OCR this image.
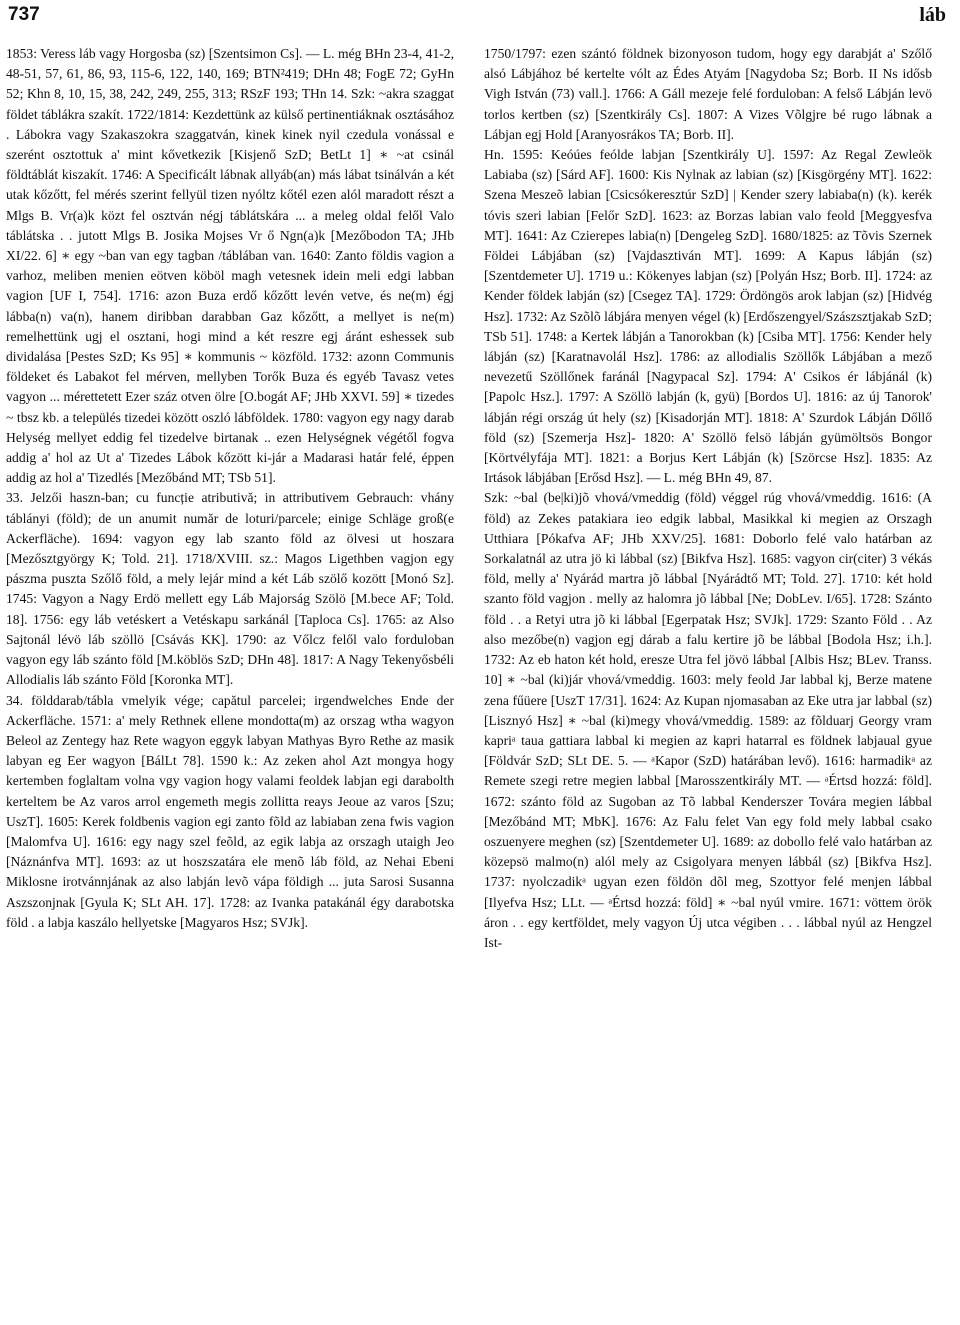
737	láb

1853: Veress láb vagy Horgosba (sz) [Szentsimon Cs]. — L. még BHn 23-4, 41-2, 48-51, 57, 61, 86, 93, 115-6, 122, 140, 169; BTN²419; DHn 48; FogE 72; GyHn 52; Khn 8, 10, 15, 38, 242, 249, 255, 313; RSzF 193; THn 14. Szk: ~akra szaggat földet táblákra szakít. 1722/1814: Kezdettünk az külső pertinentiáknak osztásához . Lábokra vagy Szakaszokra szaggatván, kinek kinek nyil czedula vonással e szerént osztottuk a' mint kővetkezik [Kisjenő SzD; BetLt 1] ∗ ~at csinál földtáblát kiszakít. 1746: A Specificált lábnak allyáb(an) más lábat tsinálván a két utak kőzőtt, fel mérés szerint fellyül tizen nyóltz kőtél ezen alól maradott részt a Mlgs B. Vr(a)k közt fel osztván négj táblátskára ... a meleg oldal felől Valo táblátska . . jutott Mlgs B. Josika Mojses Vr ő Ngn(a)k [Mezőbodon TA; JHb XI/22. 6] ∗ egy ~ban van egy tagban /táblában van. 1640: Zanto földis vagion a varhoz, meliben menien eötven köböl magh vetesnek idein meli edgi labban vagion [UF I, 754]. 1716: azon Buza erdő kőzőtt levén vetve, és ne(m) égj lábba(n) va(n), hanem diribban darabban Gaz kőzőtt, a mellyet is ne(m) remelhettünk ugj el osztani, hogi mind a két reszre egj áránt eshessek sub dividalása [Pestes SzD; Ks 95] ∗ kommunis ~ közföld. 1732: azonn Communis földeket és Labakot fel mérven, mellyben Torők Buza és egyéb Tavasz vetes vagyon ... mérettetett Ezer száz otven ölre [O.bogát AF; JHb XXVI. 59] ∗ tizedes ~ tbsz kb. a település tizedei között oszló lábföldek. 1780: vagyon egy nagy darab Helység mellyet eddig fel tizedelve birtanak .. ezen Helységnek végétől fogva addig a' hol az Ut a' Tizedes Lábok kőzött ki-jár a Madarasi határ felé, éppen addig az hol a' Tizedlés [Mezőbánd MT; TSb 51].

33. Jelzői haszn-ban; cu funcție atributivă; in attributivem Gebrauch: vhány táblányi (föld); de un anumit număr de loturi/parcele; einige Schläge groß(e Ackerfläche). 1694: vagyon egy lab szanto föld az ölvesi ut hoszara [Mezősztgyörgy K; Told. 21]. 1718/XVIII. sz.: Magos Ligethben vagjon egy pászma puszta Szőlő föld, a mely lejár mind a két Láb szölő kozött [Monó Sz]. 1745: Vagyon a Nagy Erdö mellett egy Láb Majorság Szölö [M.bece AF; Told. 18]. 1756: egy láb vetéskert a Vetéskapu sarkánál [Taploca Cs]. 1765: az Also Sajtonál lévö láb szöllö [Csávás KK]. 1790: az Vőlcz felől valo forduloban vagyon egy láb szánto föld [M.köblös SzD; DHn 48]. 1817: A Nagy Tekenyősbéli Allodialis láb szánto Föld [Koronka MT].

34. földdarab/tábla vmelyik vége; capătul parcelei; irgendwelches Ende der Ackerfläche. 1571: a' mely Rethnek ellene mondotta(m) az orszag wtha wagyon Beleol az Zentegy haz Rete wagyon eggyk labyan Mathyas Byro Rethe az masik labyan eg Eer wagyon [BálLt 78]. 1590 k.: Az zeken ahol Azt mongya hogy kertemben foglaltam volna vgy vagion hogy valami feoldek labjan egi darabolth kerteltem be Az varos arrol engemeth megis zollitta reays Jeoue az varos [Szu; UszT]. 1605: Kerek foldbenis vagion egi zanto fõld az labiaban zena fwis vagion [Malomfva U]. 1616: egy nagy szel feõld, az egik labja az orszagh utaigh Jeo [Náznánfva MT]. 1693: az ut hoszszatára ele menõ láb föld, az Nehai Ebeni Miklosne irotvánnjának az also labján levõ vápa földigh ... juta Sarosi Susanna Aszszonjnak [Gyula K; SLt AH. 17]. 1728: az Ivanka patakánál égy darabotska föld . a labja kaszálo hellyetske [Magyaros Hsz; SVJk].

1750/1797: ezen szántó földnek bizonyoson tudom, hogy egy darabját a' Szőlő alsó Lábjához bé kertelte vólt az Édes Atyám [Nagydoba Sz; Borb. II Ns idősb Vigh István (73) vall.]. 1766: A Gáll mezeje felé forduloban: A felső Lábján levö torlos kertben (sz) [Szentkirály Cs]. 1807: A Vizes Võlgjre bé rugo lábnak a Lábjan egj Hold [Aranyosrákos TA; Borb. II].

Hn. 1595: Keóúes feólde labjan [Szentkirály U]. 1597: Az Regal Zewleök Labiaba (sz) [Sárd AF]. 1600: Kis Nylnak az labian (sz) [Kisgörgény MT]. 1622: Szena Meszeõ labian [Csicsókeresztúr SzD] | Kender szery labiaba(n) (k). kerék tóvis szeri labian [Felőr SzD]. 1623: az Borzas labian valo feold [Meggyesfva MT]. 1641: Az Czierepes labia(n) [Dengeleg SzD]. 1680/1825: az Tõvis Szernek Földei Lábjában (sz) [Vajdasztiván MT]. 1699: A Kapus lábján (sz) [Szentdemeter U]. 1719 u.: Kökenyes labjan (sz) [Polyán Hsz; Borb. II]. 1724: az Kender földek labján (sz) [Csegez TA]. 1729: Ördöngös arok labjan (sz) [Hidvég Hsz]. 1732: Az Szõlõ lábjára menyen végel (k) [Erdőszengyel/Szászsztjakab SzD; TSb 51]. 1748: a Kertek lábján a Tanorokban (k) [Csiba MT]. 1756: Kender hely lábján (sz) [Karatnavolál Hsz]. 1786: az allodialis Szöllők Lábjában a mező nevezetű Szöllőnek faránál [Nagypacal Sz]. 1794: A' Csikos ér lábjánál (k) [Papolc Hsz.]. 1797: A Szöllö labján (k, gyü) [Bordos U]. 1816: az új Tanorok' lábján régi ország út hely (sz) [Kisadorján MT]. 1818: A' Szurdok Lábján Dőllő föld (sz) [Szemerja Hsz]- 1820: A' Szöllö felsö lábján gyümöltsös Bongor [Körtvélyfája MT]. 1821: a Borjus Kert Lábján (k) [Szörcse Hsz]. 1835: Az Irtások lábjában [Erősd Hsz]. — L. még BHn 49, 87.

Szk: ~bal (be|ki)jõ vhová/vmeddig (föld) véggel rúg vhová/vmeddig. 1616: (A föld) az Zekes patakiara ieo edgik labbal, Masikkal ki megien az Orszagh Utthiara [Pókafva AF; JHb XXV/25]. 1681: Doborlo felé valo határban az Sorkalatnál az utra jö ki lábbal (sz) [Bikfva Hsz]. 1685: vagyon cir(citer) 3 vékás föld, melly a' Nyárád martra jõ lábbal [Nyárádtő MT; Told. 27]. 1710: két hold szanto föld vagjon . melly az halomra jõ lábbal [Ne; DobLev. I/65]. 1728: Szánto föld . . a Retyi utra jõ ki lábbal [Egerpatak Hsz; SVJk]. 1729: Szanto Föld . . Az also mezőbe(n) vagjon egj dárab a falu kertire jõ be lábbal [Bodola Hsz; i.h.]. 1732: Az eb haton két hold, eresze Utra fel jövö lábbal [Albis Hsz; BLev. Transs. 10] ∗ ~bal (ki)jár vhová/vmeddig. 1603: mely feold Jar labbal kj, Berze matene zena fűüere [UszT 17/31]. 1624: Az Kupan njomasaban az Eke utra jar labbal (sz) [Lisznyó Hsz] ∗ ~bal (ki)megy vhová/vmeddig. 1589: az fõlduarj Georgy vram kapriᵃ taua gattiara labbal ki megien az kapri hatarral es földnek labjaual gyue [Földvár SzD; SLt DE. 5. — ᵃKapor (SzD) határában levő). 1616: harmadikᵃ az Remete szegi retre megien labbal [Marosszentkirály MT. — ᵃÉrtsd hozzá: föld]. 1672: szánto föld az Sugoban az Tõ labbal Kenderszer Továra megien lábbal [Mezőbánd MT; MbK]. 1676: Az Falu felet Van egy fold mely labbal csako oszuenyere meghen (sz) [Szentdemeter U]. 1689: az dobollo felé valo határban az közepsö malmo(n) alól mely az Csigolyara menyen lábbál (sz) [Bikfva Hsz]. 1737: nyolczadikᵃ ugyan ezen földön dõl meg, Szottyor felé menjen lábbal [Ilyefva Hsz; LLt. — ᵃÉrtsd hozzá: föld] ∗ ~bal nyúl vmire. 1671: vöttem örök áron . . egy kertföldet, mely vagyon Új utca végiben . . . lábbal nyúl az Hengzel Ist-
